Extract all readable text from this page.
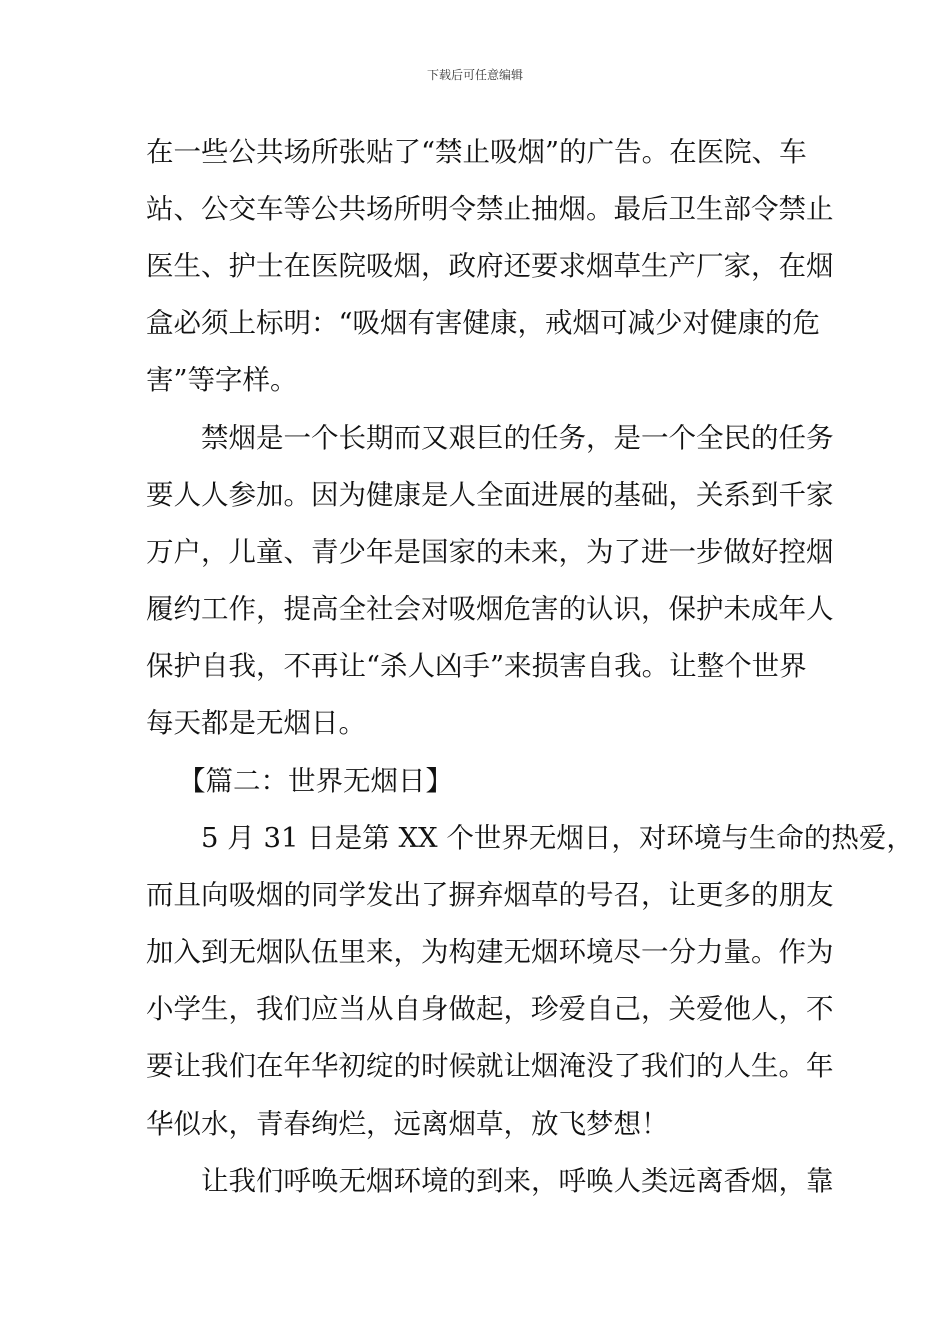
下载后可任意编辑
在一些公共场所张贴了“禁止吸烟”的广告。在医院、车
站、公交车等公共场所明令禁止抽烟。最后卫生部令禁止
医生、护士在医院吸烟，政府还要求烟草生产厂家，在烟
盒必须上标明：“吸烟有害健康，戒烟可减少对健康的危
害”等字样。
禁烟是一个长期而又艰巨的任务，是一个全民的任务
要人人参加。因为健康是人全面进展的基础，关系到千家
万户，儿童、青少年是国家的未来，为了进一步做好控烟
履约工作，提高全社会对吸烟危害的认识，保护未成年人
保护自我，不再让“杀人凶手”来损害自我。让整个世界
每天都是无烟日。
【篇二：世界无烟日】
5 月 31 日是第 XX 个世界无烟日，对环境与生命的热爱，
而且向吸烟的同学发出了摒弃烟草的号召，让更多的朋友
加入到无烟队伍里来，为构建无烟环境尽一分力量。作为
小学生，我们应当从自身做起，珍爱自己，关爱他人，不
要让我们在年华初绽的时候就让烟淹没了我们的人生。年
华似水，青春绚烂，远离烟草，放飞梦想！
让我们呼唤无烟环境的到来，呼唤人类远离香烟，靠
